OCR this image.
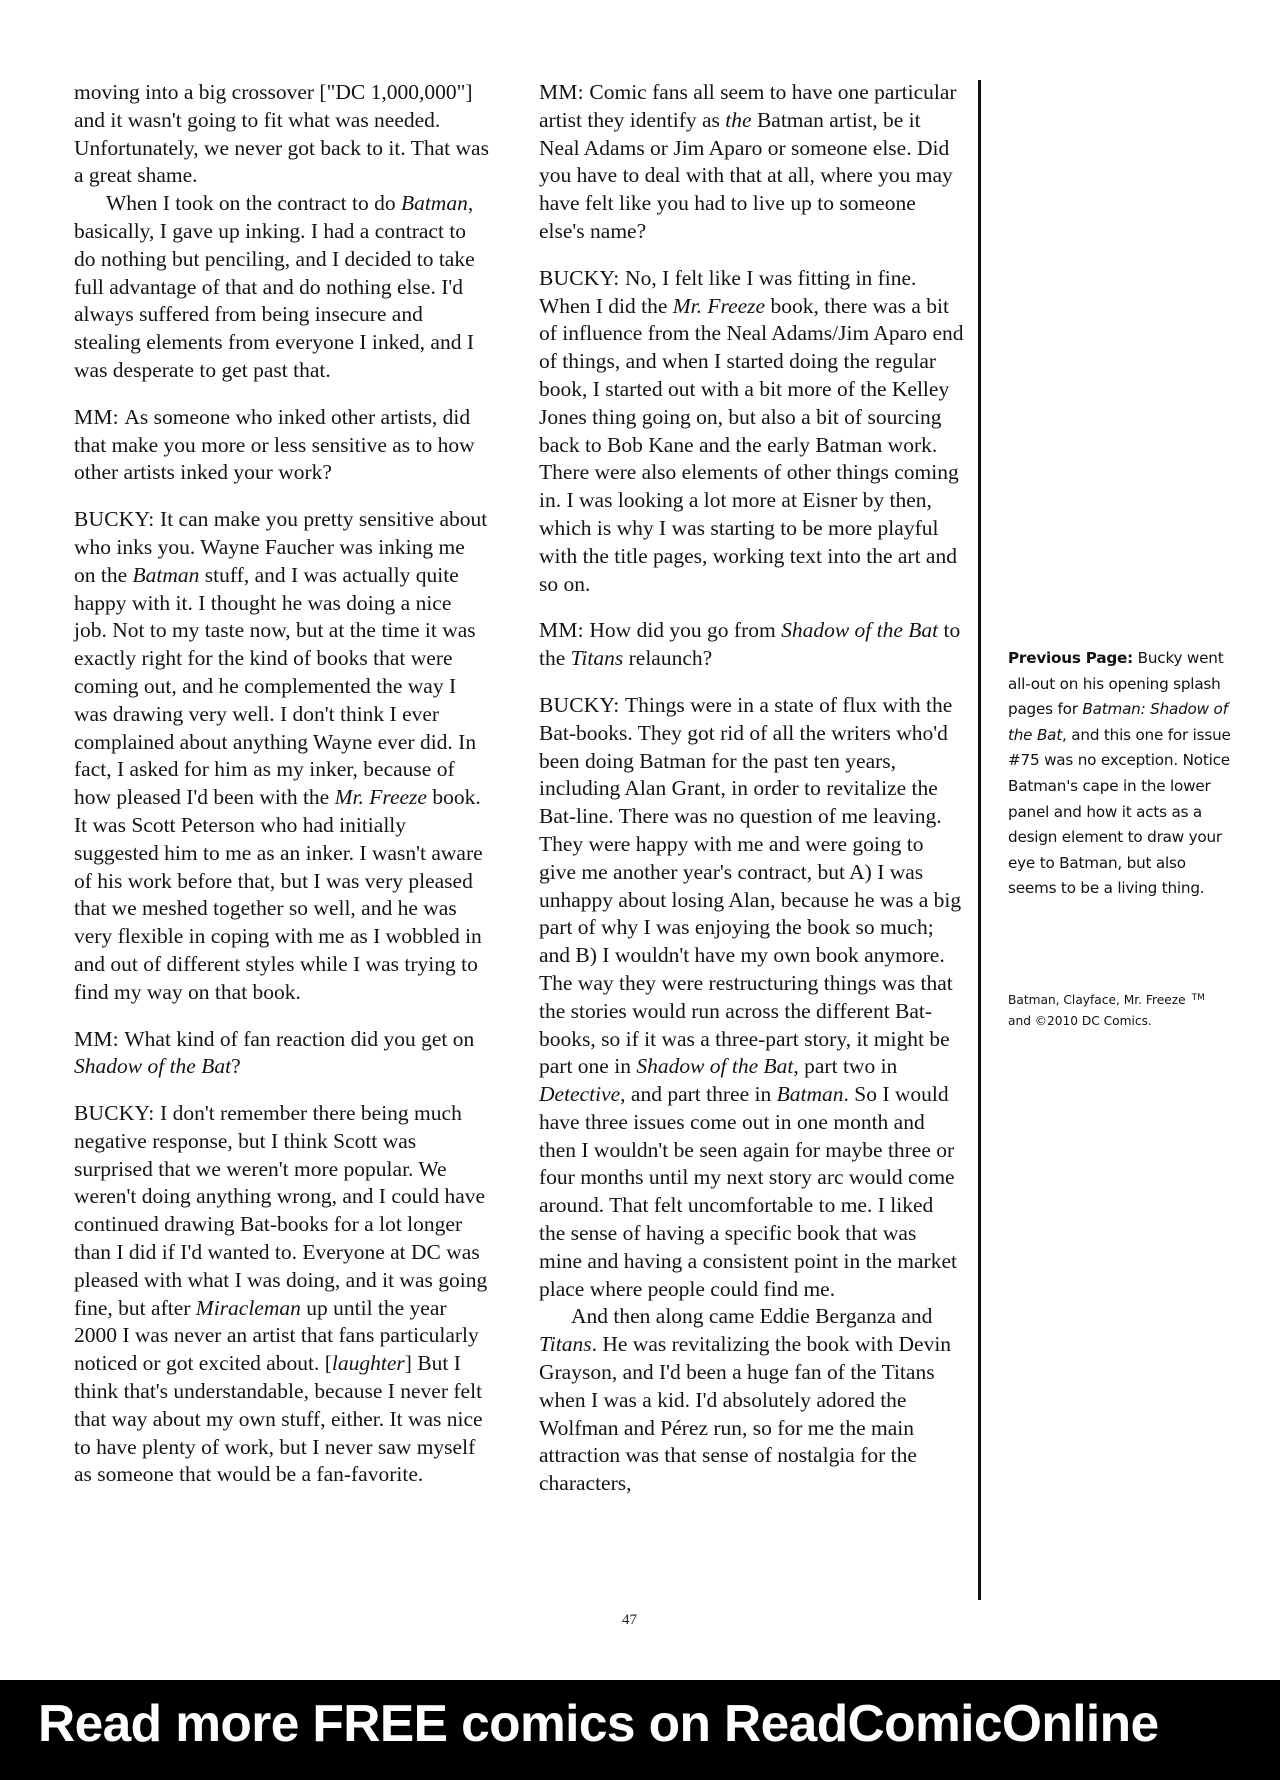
moving into a big crossover ["DC 1,000,000"] and it wasn't going to fit what was needed. Unfortunately, we never got back to it. That was a great shame.

When I took on the contract to do Batman, basically, I gave up inking. I had a contract to do nothing but penciling, and I decided to take full advantage of that and do nothing else. I'd always suffered from being insecure and stealing elements from everyone I inked, and I was desperate to get past that.

MM: As someone who inked other artists, did that make you more or less sensitive as to how other artists inked your work?

BUCKY: It can make you pretty sensitive about who inks you. Wayne Faucher was inking me on the Batman stuff, and I was actually quite happy with it. I thought he was doing a nice job. Not to my taste now, but at the time it was exactly right for the kind of books that were coming out, and he complemented the way I was drawing very well. I don't think I ever complained about anything Wayne ever did. In fact, I asked for him as my inker, because of how pleased I'd been with the Mr. Freeze book. It was Scott Peterson who had initially suggested him to me as an inker. I wasn't aware of his work before that, but I was very pleased that we meshed together so well, and he was very flexible in coping with me as I wobbled in and out of different styles while I was trying to find my way on that book.

MM: What kind of fan reaction did you get on Shadow of the Bat?

BUCKY: I don't remember there being much negative response, but I think Scott was surprised that we weren't more popular. We weren't doing anything wrong, and I could have continued drawing Bat-books for a lot longer than I did if I'd wanted to. Everyone at DC was pleased with what I was doing, and it was going fine, but after Miracleman up until the year 2000 I was never an artist that fans particularly noticed or got excited about. [laughter] But I think that's understandable, because I never felt that way about my own stuff, either. It was nice to have plenty of work, but I never saw myself as someone that would be a fan-favorite.

MM: Comic fans all seem to have one particular artist they identify as the Batman artist, be it Neal Adams or Jim Aparo or someone else. Did you have to deal with that at all, where you may have felt like you had to live up to someone else's name?

BUCKY: No, I felt like I was fitting in fine. When I did the Mr. Freeze book, there was a bit of influence from the Neal Adams/Jim Aparo end of things, and when I started doing the regular book, I started out with a bit more of the Kelley Jones thing going on, but also a bit of sourcing back to Bob Kane and the early Batman work. There were also elements of other things coming in. I was looking a lot more at Eisner by then, which is why I was starting to be more playful with the title pages, working text into the art and so on.

MM: How did you go from Shadow of the Bat to the Titans relaunch?

BUCKY: Things were in a state of flux with the Bat-books. They got rid of all the writers who'd been doing Batman for the past ten years, including Alan Grant, in order to revitalize the Bat-line. There was no question of me leaving. They were happy with me and were going to give me another year's contract, but A) I was unhappy about losing Alan, because he was a big part of why I was enjoying the book so much; and B) I wouldn't have my own book anymore. The way they were restructuring things was that the stories would run across the different Bat-books, so if it was a three-part story, it might be part one in Shadow of the Bat, part two in Detective, and part three in Batman. So I would have three issues come out in one month and then I wouldn't be seen again for maybe three or four months until my next story arc would come around. That felt uncomfortable to me. I liked the sense of having a specific book that was mine and having a consistent point in the market place where people could find me.

And then along came Eddie Berganza and Titans. He was revitalizing the book with Devin Grayson, and I'd been a huge fan of the Titans when I was a kid. I'd absolutely adored the Wolfman and Pérez run, so for me the main attraction was that sense of nostalgia for the characters,

Previous Page: Bucky went all-out on his opening splash pages for Batman: Shadow of the Bat, and this one for issue #75 was no exception. Notice Batman's cape in the lower panel and how it acts as a design element to draw your eye to Batman, but also seems to be a living thing.
Batman, Clayface, Mr. Freeze ™
and ©2010 DC Comics.
47
Read more FREE comics on ReadComicOnline
